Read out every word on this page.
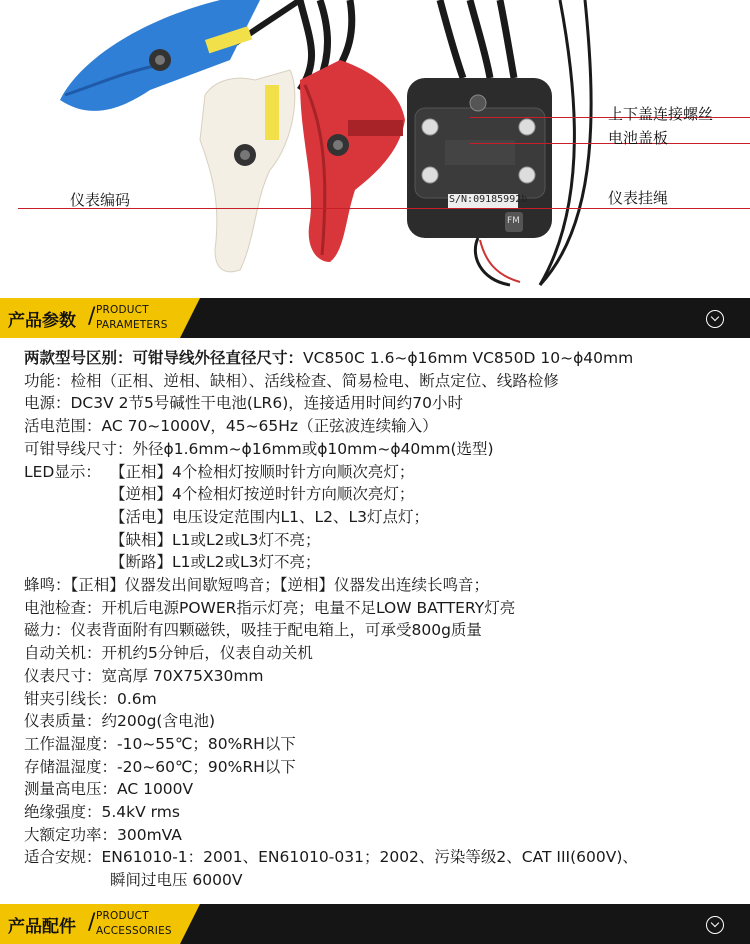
S/N:09185992b
FM
上下盖连接螺丝
电池盖板
仪表编码	仪表挂绳
产品参数 / PRODUCT
PARAMETERS
两款型号区别：可钳导线外径直径尺寸：VC850C 1.6~ϕ16mm VC850D 10~ϕ40mm
功能：检相（正相、逆相、缺相）、活线检查、简易检电、断点定位、线路检修
电源：DC3V 2节5号碱性干电池(LR6)，连接适用时间约70小时
活电范围：AC 70~1000V，45~65Hz（正弦波连续输入）
可钳导线尺寸：外径ϕ1.6mm~ϕ16mm或ϕ10mm~ϕ40mm(选型)
LED显示： 【正相】4个检相灯按顺时针方向顺次亮灯；
【逆相】4个检相灯按逆时针方向顺次亮灯；
【活电】电压设定范围内L1、L2、L3灯点灯；
【缺相】L1或L2或L3灯不亮；
【断路】L1或L2或L3灯不亮；
蜂鸣：【正相】仪器发出间歇短鸣音；【逆相】仪器发出连续长鸣音；
电池检查：开机后电源POWER指示灯亮；电量不足LOW BATTERY灯亮
磁力：仪表背面附有四颗磁铁，吸挂于配电箱上，可承受800g质量
自动关机：开机约5分钟后，仪表自动关机
仪表尺寸：宽高厚 70X75X30mm
钳夹引线长：0.6m
仪表质量：约200g(含电池)
工作温湿度：-10~55℃；80%RH以下
存储温湿度：-20~60℃；90%RH以下
测量高电压：AC 1000V
绝缘强度：5.4kV rms
大额定功率：300mVA
适合安规：EN61010-1：2001、EN61010-031；2002、污染等级2、CAT III(600V)、
瞬间过电压 6000V
产品配件 / PRODUCT
ACCESSORIES
